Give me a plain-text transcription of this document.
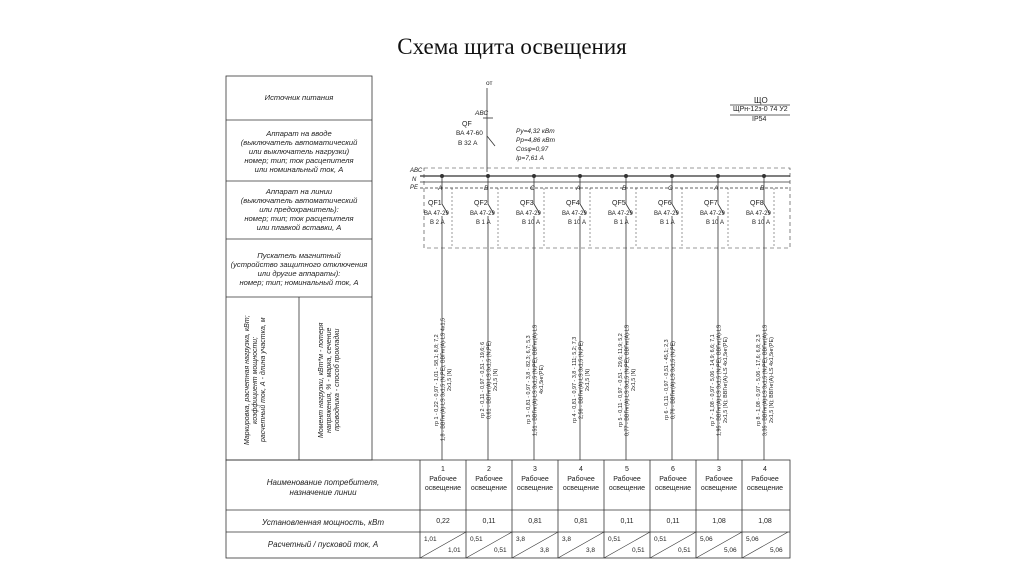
Схема щита освещения
Источник питания
Аппарат на вводе
(выключатель автоматический
или выключатель нагрузки)
номер; тип; ток расцепителя
или номинальный ток, А
Аппарат на линии
(выключатель автоматический
или предохранитель):
номер; тип; ток расцепителя
или плавкой вставки, А
Пускатель магнитный
(устройство защитного отключения
или другие аппараты):
номер; тип; номинальный ток, А
Маркировка, расчетная нагрузка, кВт;
коэффициент мощности;
расчетный ток, А - длина участка, м
Момент нагрузки, кВт*м - потеря
напряжения, % - марка, сечение
проводника - способ прокладки
Наименование потребителя,
назначение линии
Установленная мощность, кВт
Расчетный / пусковой ток, А
ЩО
ЩРн-12з-0 74 У2
IP54
от
АВС
QF
ВА 47-60
В 32 А
Pу=4,32 кВт
Pр=4,86 кВт
Cosφ=0,97
Iр=7,61 А
АВС
N
PE
QF1
ВА 47-29
В 2 А
А
гр 1 - 0,22 - 0,97 - 1,01 - 58,1; 8,8; 7,2
1,8 - ВВГнг(А)-LS 3х1,5 (N,PE); ВВГнг(А)-LS 4х1,5
2х1,5 (N)
1
Рабочее
освещение
0,22
1,01
1,01
QF2
ВА 47-29
В 1 А
В
гр 2 - 0,11 - 0,97 - 0,51 - 19,6; 6
0,61 - ВВГнг(А)-LS 3х1,5 (N,PE)
2х1,5 (N)
2
Рабочее
освещение
0,11
0,51
0,51
QF3
ВА 47-29
В 10 А
С
гр 3 - 0,81 - 0,97 - 3,8 - 82,3; 6,7; 5,3
1,51 - ВВГнг(А)-LS 3х1,5 (N,PE); ВВГнг(А)-LS
4х1,5нг(PE)
3
Рабочее
освещение
0,81
3,8
3,8
QF4
ВА 47-29
В 10 А
А
гр 4 - 0,81 - 0,97 - 3,8 - 111; 5,2; 7,3
2,56 - ВВГнг(А)-LS 3х1,5 (N,PE)
2х1,5 (N)
4
Рабочее
освещение
0,81
3,8
3,8
QF5
ВА 47-29
В 1 А
В
гр 5 - 0,11 - 0,97 - 0,51 - 29,6; 11,9; 5,2
0,77 - ВВГнг(А)-LS 3х1,5 (N,PE); ВВГнг(А)-LS
2х1,5 (N)
5
Рабочее
освещение
0,11
0,51
0,51
QF6
ВА 47-29
В 1 А
С
гр 6 - 0,11 - 0,97 - 0,51 - 45,1; 2,3
0,76 - ВВГнг(А)-LS 3х1,5 (N,PE)
6
Рабочее
освещение
0,11
0,51
0,51
QF7
ВА 47-29
В 10 А
А
гр 7 - 1,08 - 0,97 - 5,06 - 14,9; 6,6; 7,1
1,95 - ВВГнг(А)-LS 3х1,5 (N,PE); ВВГнг(А)-LS
2х1,5 (N); ВВГнг(А)-LS 4х1,5нг(PE)
3
Рабочее
освещение
1,08
5,06
5,06
QF8
ВА 47-29
В 10 А
В
гр 8 - 1,08 - 0,97 - 5,06 - 17,6; 6,8; 2,3
3,35 - ВВГнг(А)-LS 3х1,5 (N,PE); ВВГнг(А)-LS
2х1,5 (N); ВВГнг(А)-LS 4х1,5нг(PE)
4
Рабочее
освещение
1,08
5,06
5,06
